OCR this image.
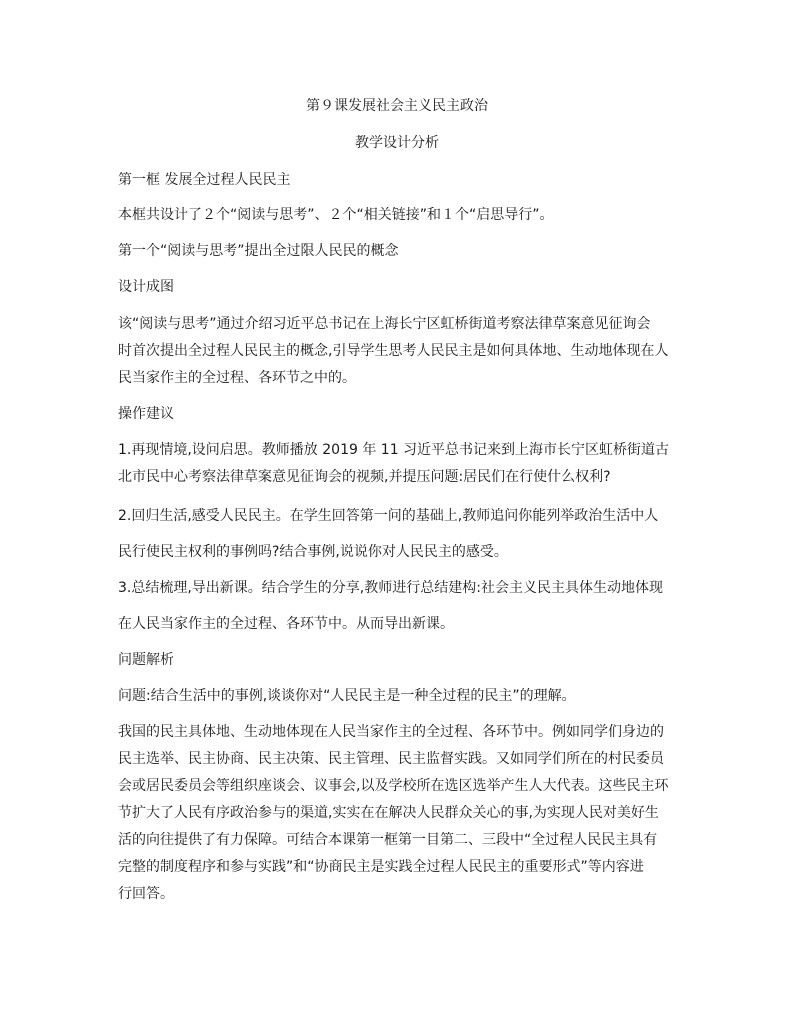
第９课发展社会主义民主政治
教学设计分析
第一框 发展全过程人民民主
本框共设计了２个“阅读与思考”、２个“相关链接”和１个“启思导行”。
第一个“阅读与思考”提出全过限人民民的概念
设计成图
该“阅读与思考”通过介绍习近平总书记在上海长宁区虹桥街道考察法律草案意见征询会
时首次提出全过程人民民主的概念,引导学生思考人民民主是如何具体地、生动地体现在人
民当家作主的全过程、各环节之中的。
操作建议
1.再现情境,设问启思。教师播放 2019 年 11 习近平总书记来到上海市长宁区虹桥街道古
北市民中心考察法律草案意见征询会的视频,并提压问题:居民们在行使什么权利?
2.回归生活,感受人民民主。在学生回答第一问的基础上,教师追问你能列举政治生活中人
民行使民主权利的事例吗?结合事例,说说你对人民民主的感受。
3.总结梳理,导出新课。结合学生的分享,教师进行总结建构:社会主义民主具体生动地体现
在人民当家作主的全过程、各环节中。从而导出新课。
问题解析
问题:结合生活中的事例,谈谈你对“人民民主是一种全过程的民主”的理解。
我国的民主具体地、生动地体现在人民当家作主的全过程、各环节中。例如同学们身边的
民主选举、民主协商、民主决策、民主管理、民主监督实践。又如同学们所在的村民委员
会或居民委员会等组织座谈会、议事会,以及学校所在选区选举产生人大代表。这些民主环
节扩大了人民有序政治参与的渠道,实实在在解决人民群众关心的事,为实现人民对美好生
活的向往提供了有力保障。可结合本课第一框第一目第二、三段中“全过程人民民主具有
完整的制度程序和参与实践”和“协商民主是实践全过程人民民主的重要形式”等内容进
行回答。
